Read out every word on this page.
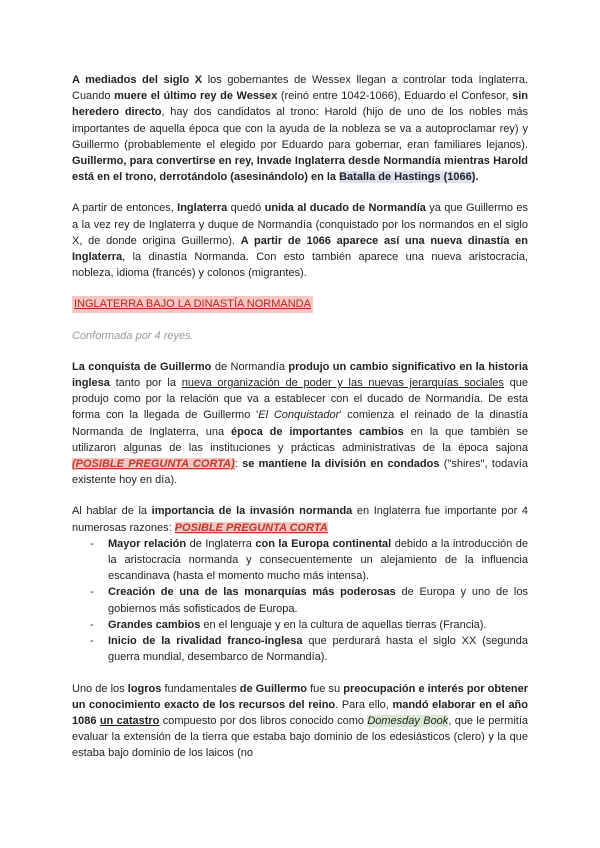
A mediados del siglo X los gobernantes de Wessex llegan a controlar toda Inglaterra. Cuando muere el último rey de Wessex (reinó entre 1042-1066), Eduardo el Confesor, sin heredero directo, hay dos candidatos al trono: Harold (hijo de uno de los nobles más importantes de aquella época que con la ayuda de la nobleza se va a autoproclamar rey) y Guillermo (probablemente el elegido por Eduardo para gobernar, eran familiares lejanos). Guillermo, para convertirse en rey, Invade Inglaterra desde Normandía mientras Harold está en el trono, derrotándolo (asesinándolo) en la Batalla de Hastings (1066).

A partir de entonces, Inglaterra quedó unida al ducado de Normandía ya que Guillermo es a la vez rey de Inglaterra y duque de Normandía (conquistado por los normandos en el siglo X, de donde origina Guillermo). A partir de 1066 aparece así una nueva dinastía en Inglaterra, la dinastía Normanda. Con esto también aparece una nueva aristocracia, nobleza, idioma (francés) y colonos (migrantes).

INGLATERRA BAJO LA DINASTÍA NORMANDA

Conformada por 4 reyes.

La conquista de Guillermo de Normandía produjo un cambio significativo en la historia inglesa tanto por la nueva organización de poder y las nuevas jerarquías sociales que produjo como por la relación que va a establecer con el ducado de Normandía. De esta forma con la llegada de Guillermo 'El Conquistador' comienza el reinado de la dinastía Normanda de Inglaterra, una época de importantes cambios en la que también se utilizaron algunas de las instituciones y prácticas administrativas de la época sajona (POSIBLE PREGUNTA CORTA): se mantiene la división en condados ("shires", todavía existente hoy en día).

Al hablar de la importancia de la invasión normanda en Inglaterra fue importante por 4 numerosas razones: POSIBLE PREGUNTA CORTA

- Mayor relación de Inglaterra con la Europa continental debido a la introducción de la aristocracia normanda y consecuentemente un alejamiento de la influencia escandinava (hasta el momento mucho más intensa).
- Creación de una de las monarquías más poderosas de Europa y uno de los gobiernos más sofisticados de Europa.
- Grandes cambios en el lenguaje y en la cultura de aquellas tierras (Francia).
- Inicio de la rivalidad franco-inglesa que perdurará hasta el siglo XX (segunda guerra mundial, desembarco de Normandía).

Uno de los logros fundamentales de Guillermo fue su preocupación e interés por obtener un conocimiento exacto de los recursos del reino. Para ello, mandó elaborar en el año 1086 un catastro compuesto por dos libros conocido como Domesday Book, que le permitía evaluar la extensión de la tierra que estaba bajo dominio de los edesiásticos (clero) y la que estaba bajo dominio de los laicos (no
